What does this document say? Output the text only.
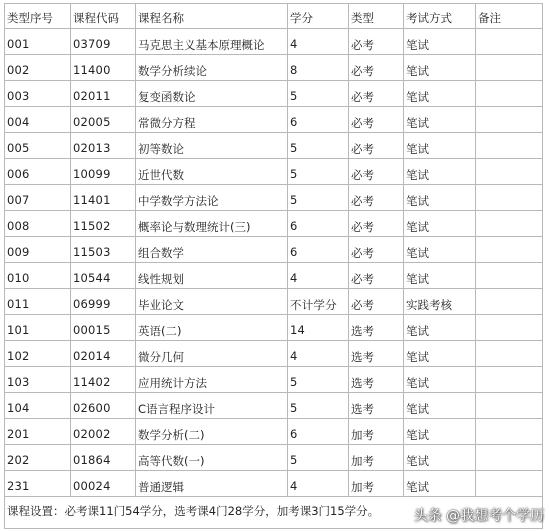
类型序号	课程代码	课程名称	学分	类型	考试方式	备注
001	03709	马克思主义基本原理概论	4	必考	笔试	
002	11400	数学分析续论	8	必考	笔试	
003	02011	复变函数论	5	必考	笔试	
004	02005	常微分方程	6	必考	笔试	
005	02013	初等数论	5	必考	笔试	
006	10099	近世代数	5	必考	笔试	
007	11401	中学数学方法论	5	必考	笔试	
008	11502	概率论与数理统计(三)	6	必考	笔试	
009	11503	组合数学	6	必考	笔试	
010	10544	线性规划	4	必考	笔试	
011	06999	毕业论文	不计学分	必考	实践考核	
101	00015	英语(二)	14	选考	笔试	
102	02014	微分几何	4	选考	笔试	
103	11402	应用统计方法	5	选考	笔试	
104	02600	C语言程序设计	5	选考	笔试	
201	02002	数学分析(二)	6	加考	笔试	
202	01864	高等代数(一)	5	加考	笔试	
231	00024	普通逻辑	4	加考	笔试	
课程设置：必考课11门54学分，选考课4门28学分，加考课3门15学分。						头条 @我想考个学历
